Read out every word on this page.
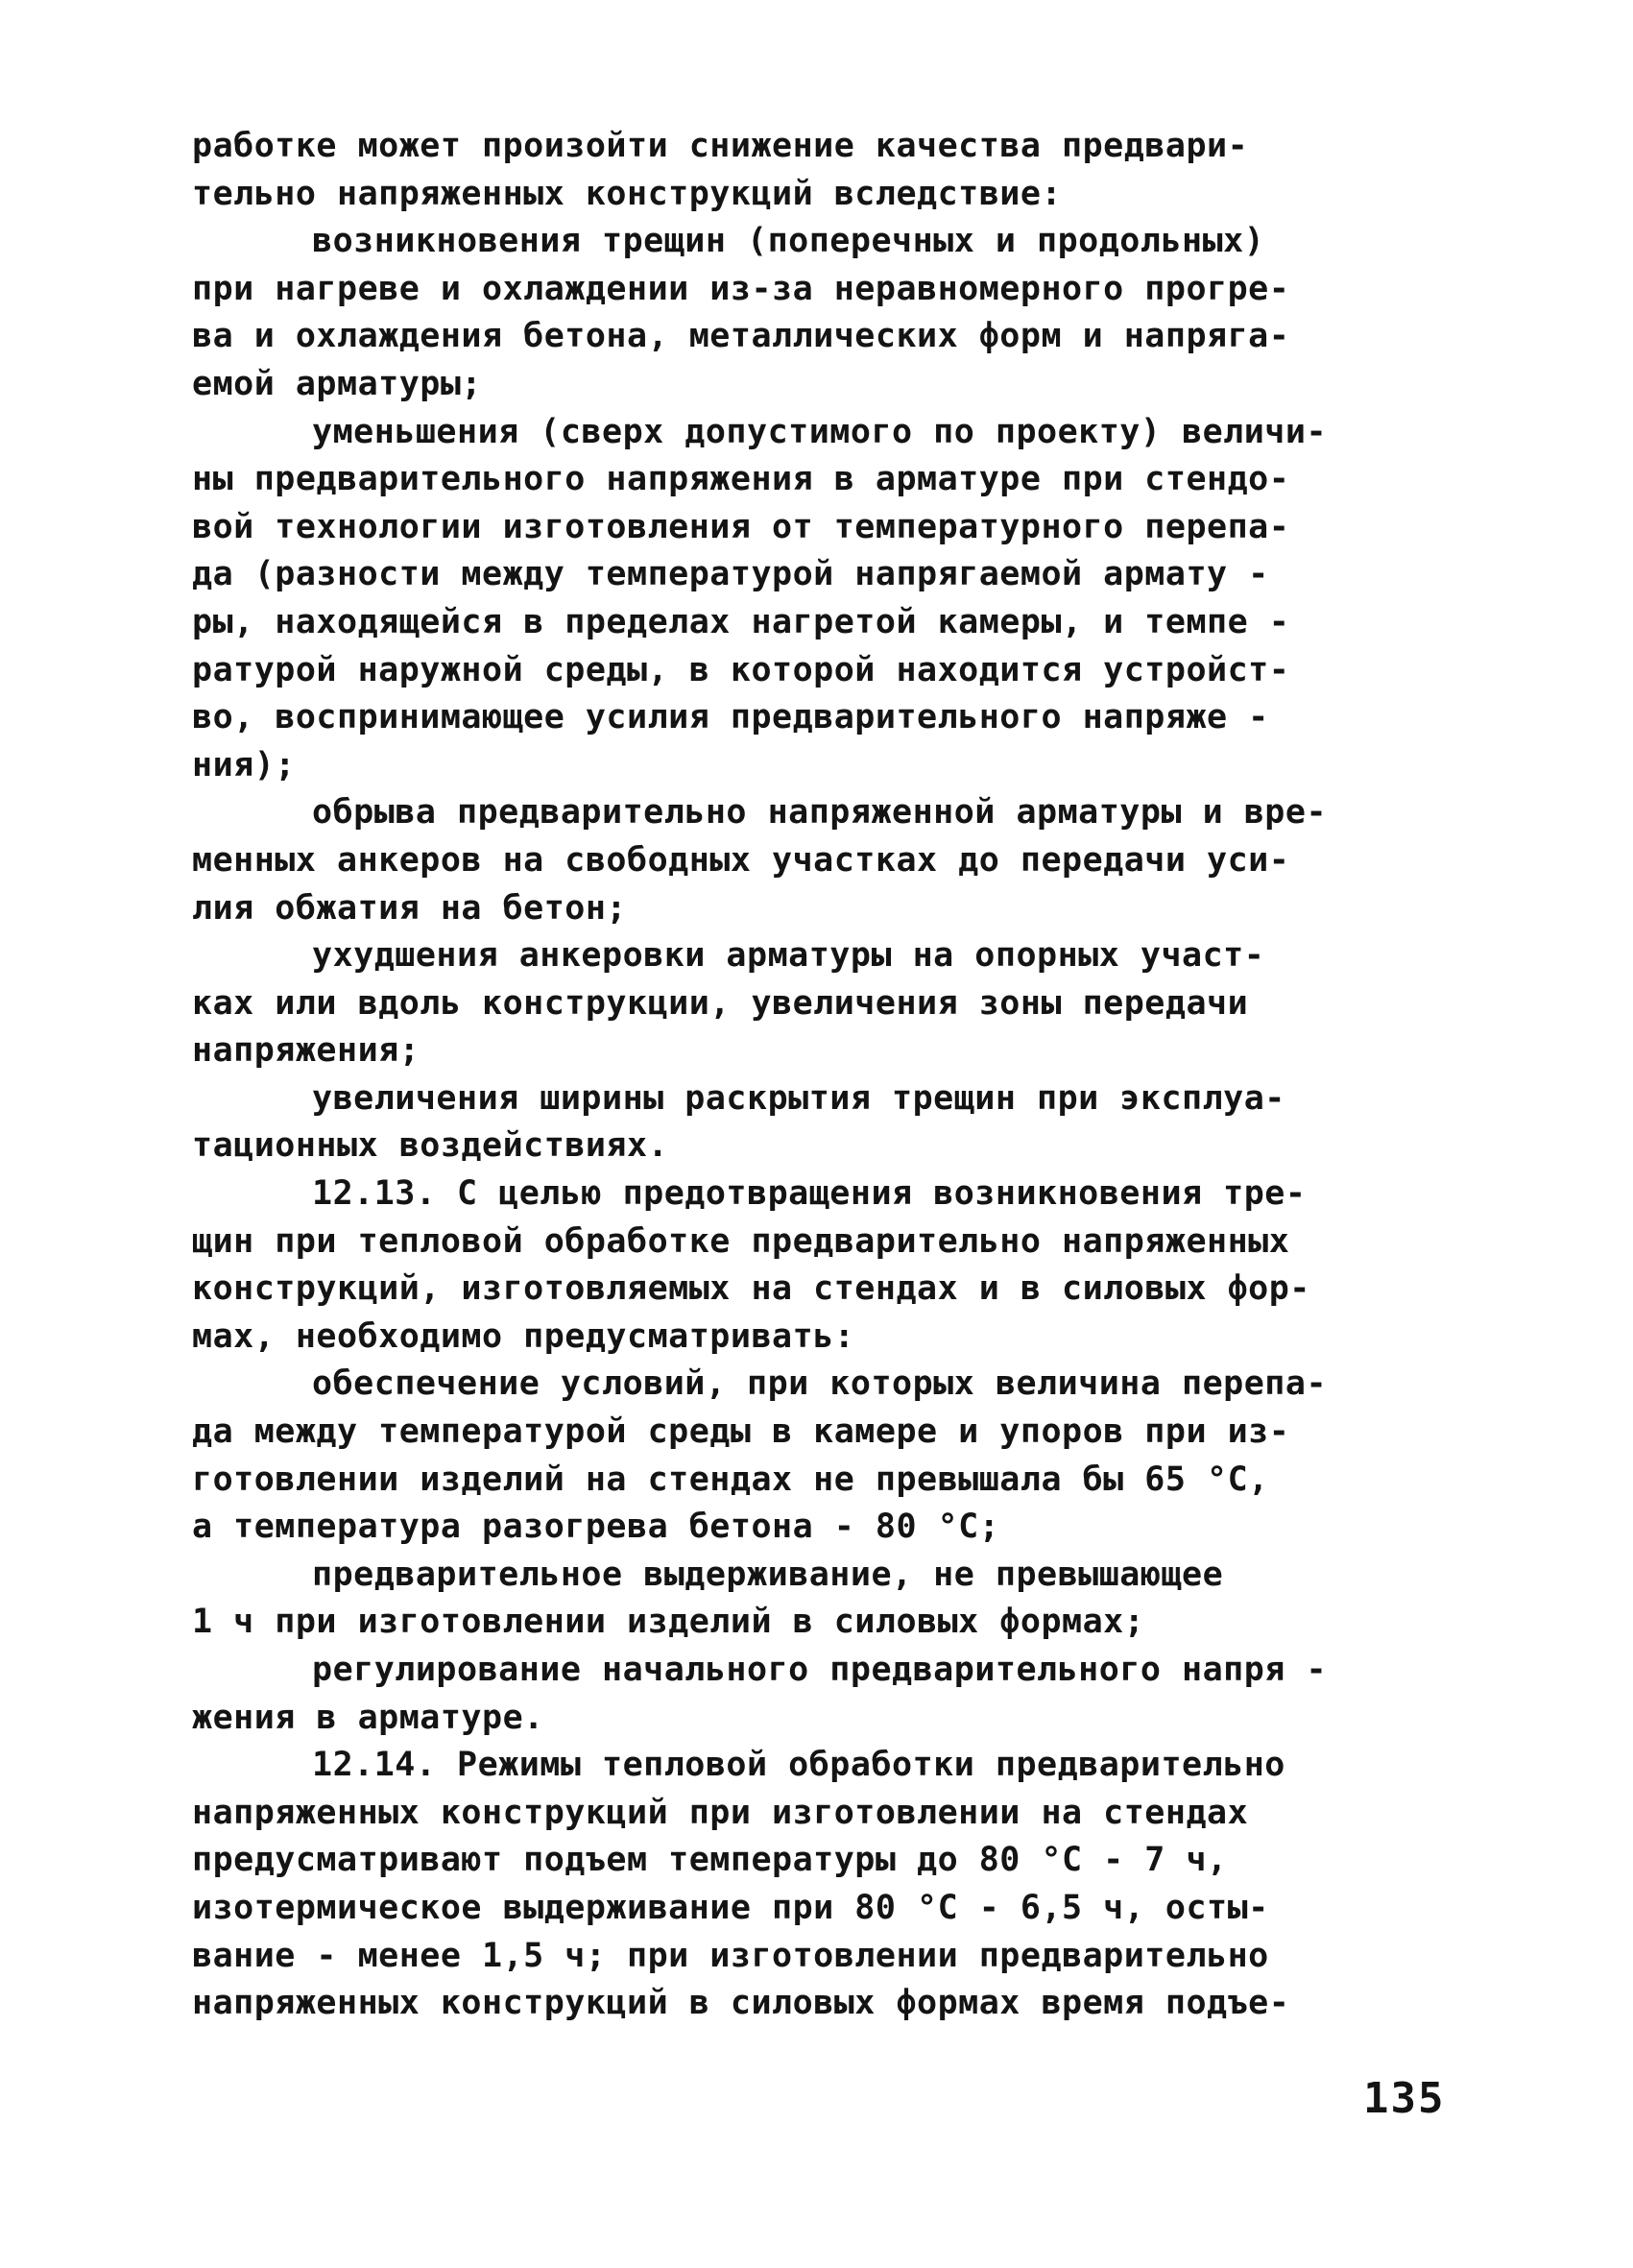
работке может произойти снижение качества предвари-
тельно напряженных конструкций вследствие:
возникновения трещин (поперечных и продольных)
при нагреве и охлаждении из-за неравномерного прогре-
ва и охлаждения бетона, металлических форм и напряга-
емой арматуры;
уменьшения (сверх допустимого по проекту) величи-
ны предварительного напряжения в арматуре при стендо-
вой технологии изготовления от температурного перепа-
да (разности между температурой напрягаемой армату -
ры, находящейся в пределах нагретой камеры, и темпе -
ратурой наружной среды, в которой находится устройст-
во, воспринимающее усилия предварительного напряже -
ния);
обрыва предварительно напряженной арматуры и вре-
менных анкеров на свободных участках до передачи уси-
лия обжатия на бетон;
ухудшения анкеровки арматуры на опорных участ-
ках или вдоль конструкции, увеличения зоны передачи
напряжения;
увеличения ширины раскрытия трещин при эксплуа-
тационных воздействиях.
12.13. С целью предотвращения возникновения тре-
щин при тепловой обработке предварительно напряженных
конструкций, изготовляемых на стендах и в силовых фор-
мах, необходимо предусматривать:
обеспечение условий, при которых величина перепа-
да между температурой среды в камере и упоров при из-
готовлении изделий на стендах не превышала бы 65 °С,
а температура разогрева бетона - 80 °С;
предварительное выдерживание, не превышающее
1 ч при изготовлении изделий в силовых формах;
регулирование начального предварительного напря -
жения в арматуре.
12.14. Режимы тепловой обработки предварительно
напряженных конструкций при изготовлении на стендах
предусматривают подъем температуры до 80 °С - 7 ч,
изотермическое выдерживание при 80 °С - 6,5 ч, осты-
вание - менее 1,5 ч; при изготовлении предварительно
напряженных конструкций в силовых формах время подъе-
135
